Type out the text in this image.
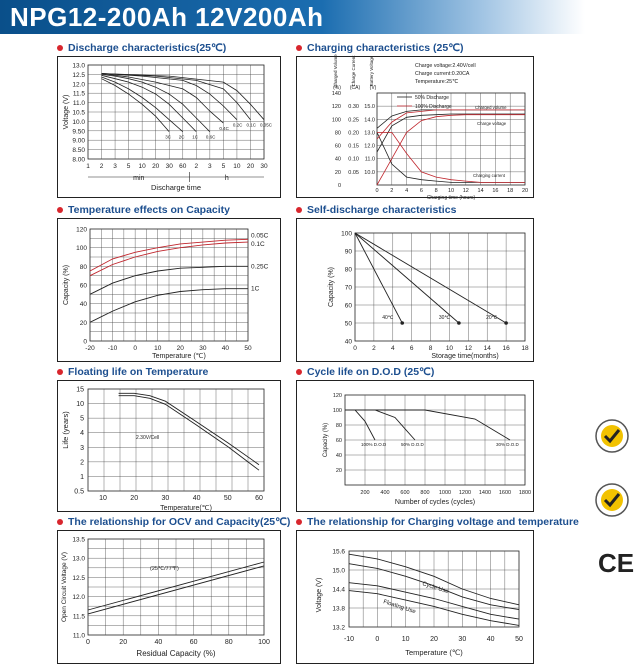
NPG12-200Ah 12V200Ah
Discharge characteristics(25℃)	Charging characteristics (25℃)
Temperature effects on Capacity	Self-discharge characteristics
Floating life on Temperature	Cycle life on D.O.D (25℃)
The relationship for OCV and Capacity(25℃) The relationship for Charging voltage and temperature
13.0
12.5
12.0
11.5
11.0
10.5
10.0
9.50
9.00
8.50
8.00
1 2 3 5 10 20 30 60 2 3 5 10 20 30
Voltage (V)
min	h
Discharge time
3C 2C 1C 0.6C
0.4C
0.2C 0.1C 0.05C
Charged Volume	Charge Current	Battery Voltage
(%) (CA) (V)
140
120
100
80
60
40
20
0
0.30
0.25
0.20
0.15
0.10
0.05
15.0
14.0
13.0
12.0
11.0
10.0
0 2 4 6 8 10 12 14 16 18 20
Charging time (hours)
Charge voltage:2.40V/cell
Charge current:0.20CA
Temperature:25℃
50% Discharge
100% Discharge	Charged volume
Charge voltage
Charging current
120
100
80
60
40
20
0
-20 -10 0	10 20 30 40 50
Temperature (℃)
Capacity (%)
0.05C
0.1C
0.25C
1C
100
90
80
70
60
50
40
0 2 4 6 8 10 12 14 16 18
Storage time(months)
Capacity (%)
40℃	30℃	20℃
15
10
5
4
3
2
1
0.5
10	20	30	40	50	60
Temperature(℃)
Life (years)	2.30V/Cell
120
100
80
60
40
20
200 400 600 800 1000 1200 1400 1600 1800
Number of cycles (cycles)
Capacity (%)	100% D.O.D	50% D.O.D	30% D.O.D
13.5
13.0
12.5
12.0
11.5
11.0
0	20	40	60	80	100
Residual Capacity (%)
Open Circuit Voltage (V)	(25℃/77℉)
15.6
15.0
14.4
13.8
13.2
-10	0	10	20	30	40	50
Temperature (℃)
Voltage (V)	Cycle Use
Floating Use
CE
